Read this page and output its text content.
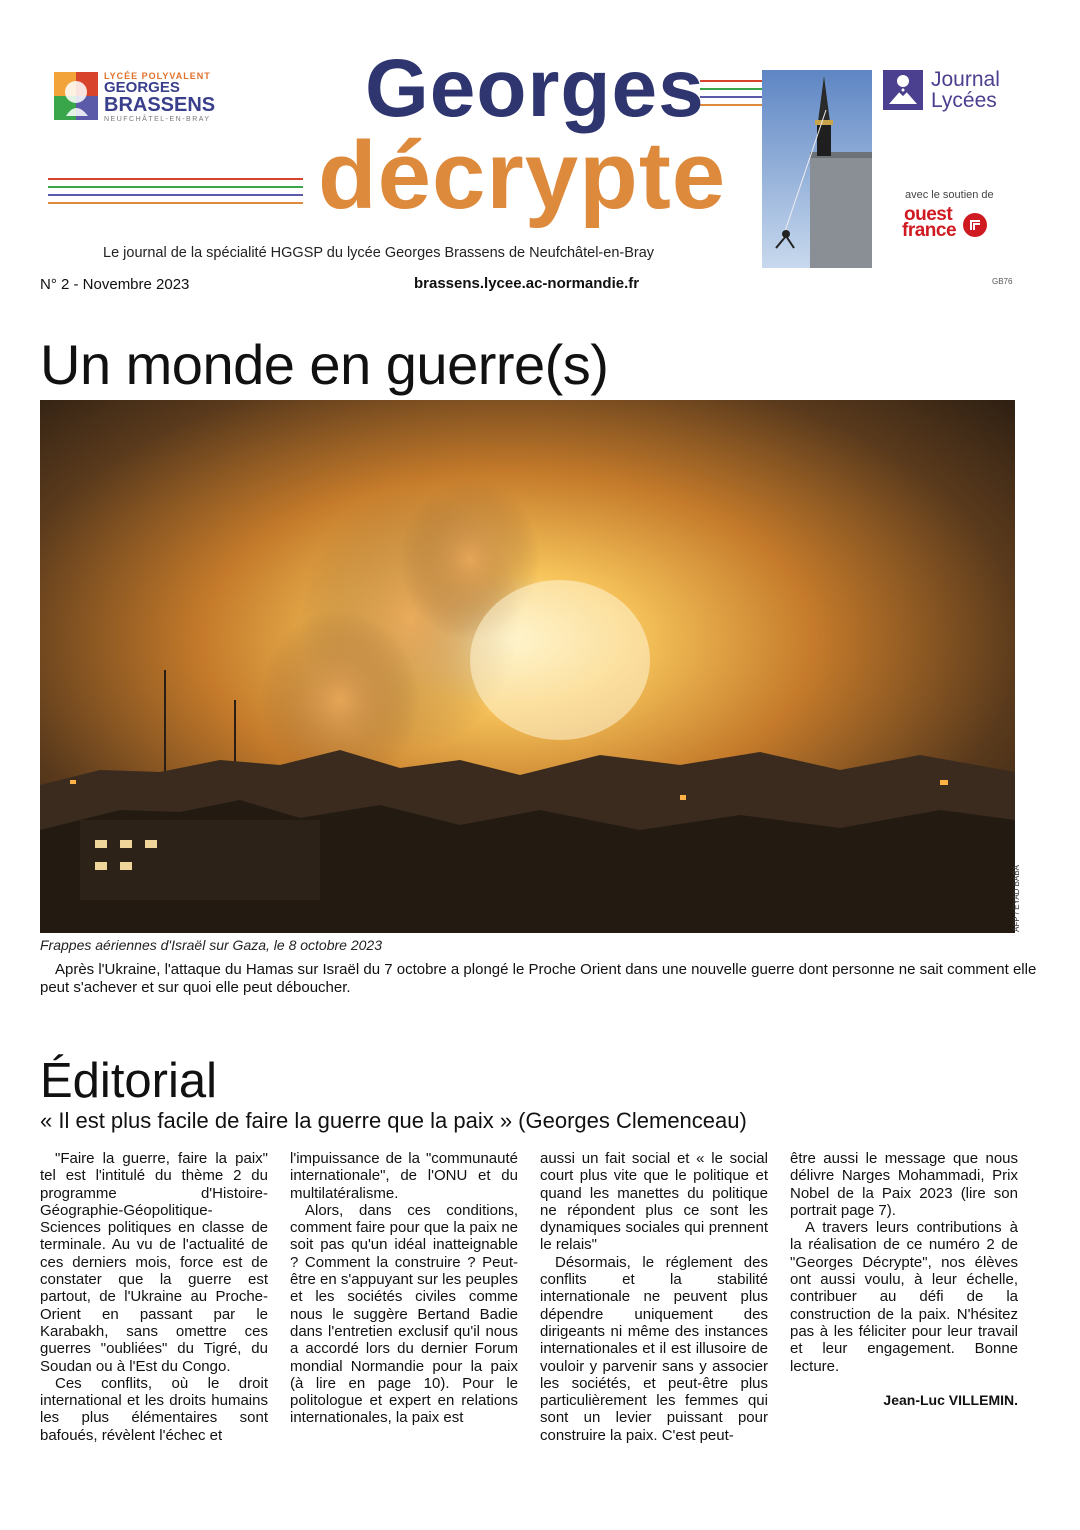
LYCÉE POLYVALENT
GEORGES
BRASSENS
NEUFCHÂTEL-EN-BRAY Georges
décrypte
Journal
des Lycées
avec le soutien de
ouest
france
Le journal de la spécialité HGGSP du lycée Georges Brassens de Neufchâtel-en-Bray
N° 2 - Novembre 2023	brassens.lycee.ac-normandie.fr	GB76
Un monde en guerre(s)
AFP / EYAD BABA
Frappes aériennes d'Israël sur Gaza, le 8 octobre 2023
Après l'Ukraine, l'attaque du Hamas sur Israël du 7 octobre a plongé le Proche Orient dans une nouvelle guerre dont personne ne sait comment elle peut s'achever et sur quoi elle peut déboucher.
Éditorial
« Il est plus facile de faire la guerre que la paix » (Georges Clemenceau)

"Faire la guerre, faire la paix" tel est l'intitulé du thème 2 du programme d'Histoire-Géographie-Géopolitique-Sciences politiques en classe de terminale. Au vu de l'actualité de ces derniers mois, force est de constater que la guerre est partout, de l'Ukraine au Proche-Orient en passant par le Karabakh, sans omettre ces guerres "oubliées" du Tigré, du Soudan ou à l'Est du Congo.

Ces conflits, où le droit international et les droits humains les plus élémentaires sont bafoués, révèlent l'échec et

l'impuissance de la "communauté internationale", de l'ONU et du multilatéralisme.

Alors, dans ces conditions, comment faire pour que la paix ne soit pas qu'un idéal inatteignable ? Comment la construire ? Peut-être en s'appuyant sur les peuples et les sociétés civiles comme nous le suggère Bertand Badie dans l'entretien exclusif qu'il nous a accordé lors du dernier Forum mondial Normandie pour la paix (à lire en page 10). Pour le politologue et expert en relations internationales, la paix est

aussi un fait social et « le social court plus vite que le politique et quand les manettes du politique ne répondent plus ce sont les dynamiques sociales qui prennent le relais"

Désormais, le réglement des conflits et la stabilité internationale ne peuvent plus dépendre uniquement des dirigeants ni même des instances internationales et il est illusoire de vouloir y parvenir sans y associer les sociétés, et peut-être plus particulièrement les femmes qui sont un levier puissant pour construire la paix. C'est peut-

être aussi le message que nous délivre Narges Mohammadi, Prix Nobel de la Paix 2023 (lire son portrait page 7).

A travers leurs contributions à la réalisation de ce numéro 2 de "Georges Décrypte", nos élèves ont aussi voulu, à leur échelle, contribuer au défi de la construction de la paix. N'hésitez pas à les féliciter pour leur travail et leur engagement. Bonne lecture.

Jean-Luc VILLEMIN.
